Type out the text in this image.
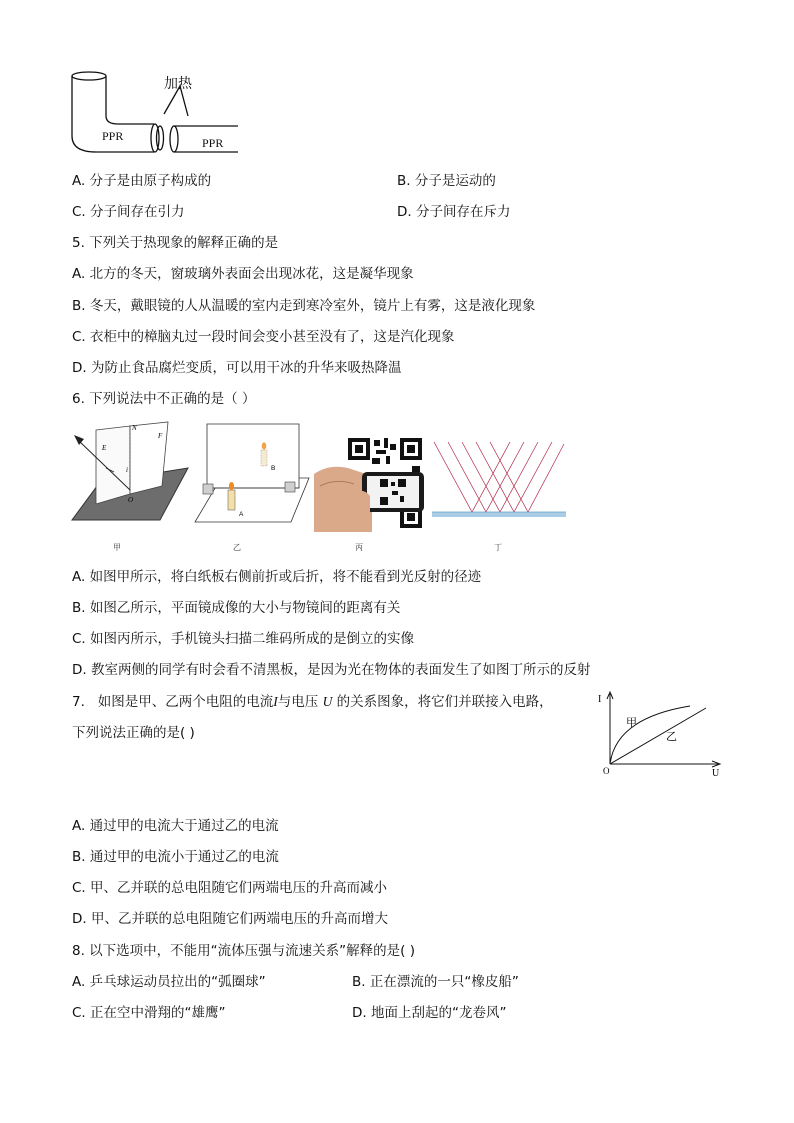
加热
PPR	PPR
A. 分子是由原子构成的	B. 分子是运动的
C. 分子间存在引力	D. 分子间存在斥力
5. 下列关于热现象的解释正确的是
A. 北方的冬天，窗玻璃外表面会出现冰花，这是凝华现象
B. 冬天，戴眼镜的人从温暖的室内走到寒冷室外，镜片上有雾，这是液化现象
C. 衣柜中的樟脑丸过一段时间会变小甚至没有了，这是汽化现象
D. 为防止食品腐烂变质，可以用干冰的升华来吸热降温
6. 下列说法中不正确的是（ ）
E
N
F
i
O
甲
A
B
乙	丙	丁
A. 如图甲所示，将白纸板右侧前折或后折，将不能看到光反射的径迹
B. 如图乙所示，平面镜成像的大小与物镜间的距离有关
C. 如图丙所示，手机镜头扫描二维码所成的是倒立的实像
D. 教室两侧的同学有时会看不清黑板，是因为光在物体的表面发生了如图丁所示的反射
7. 如图是甲、乙两个电阻的电流I与电压 U 的关系图象，将它们并联接入电路，
下列说法正确的是( )
I
U
O
甲
乙
A. 通过甲的电流大于通过乙的电流
B. 通过甲的电流小于通过乙的电流
C. 甲、乙并联的总电阻随它们两端电压的升高而减小
D. 甲、乙并联的总电阻随它们两端电压的升高而增大
8. 以下选项中，不能用“流体压强与流速关系”解释的是( )
A. 乒乓球运动员拉出的“弧圈球”	B. 正在漂流的一只“橡皮船”
C. 正在空中滑翔的“雄鹰”	D. 地面上刮起的“龙卷风”
